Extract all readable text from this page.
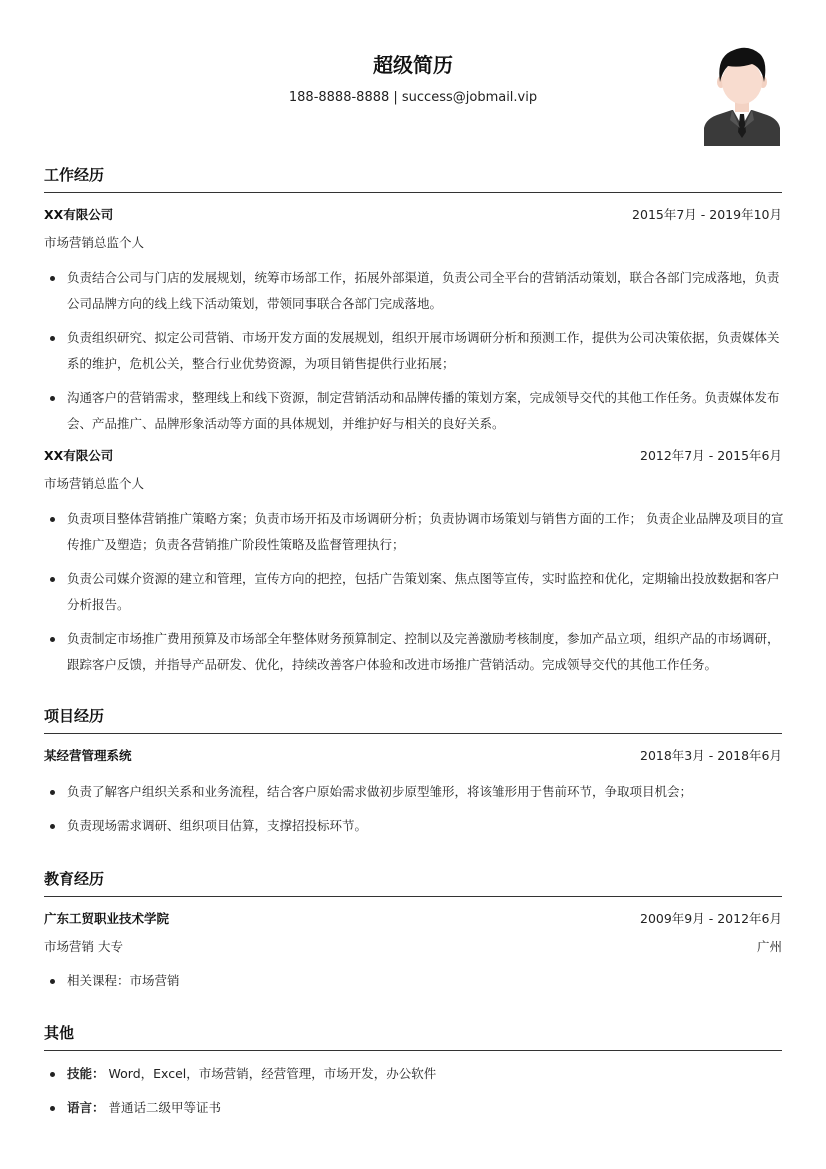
超级简历
188-8888-8888 | success@jobmail.vip
工作经历
XX有限公司	2015年7月 - 2019年10月
市场营销总监个人
负责结合公司与门店的发展规划，统筹市场部工作，拓展外部渠道，负责公司全平台的营销活动策划，联合各部门完成落地，负责公司品牌方向的线上线下活动策划，带领同事联合各部门完成落地。
负责组织研究、拟定公司营销、市场开发方面的发展规划，组织开展市场调研分析和预测工作，提供为公司决策依据，负责媒体关系的维护，危机公关，整合行业优势资源，为项目销售提供行业拓展；
沟通客户的营销需求，整理线上和线下资源，制定营销活动和品牌传播的策划方案，完成领导交代的其他工作任务。负责媒体发布会、产品推广、品牌形象活动等方面的具体规划，并维护好与相关的良好关系。
XX有限公司	2012年7月 - 2015年6月
市场营销总监个人
负责项目整体营销推广策略方案；负责市场开拓及市场调研分析；负责协调市场策划与销售方面的工作； 负责企业品牌及项目的宣传推广及塑造；负责各营销推广阶段性策略及监督管理执行；
负责公司媒介资源的建立和管理，宣传方向的把控，包括广告策划案、焦点图等宣传，实时监控和优化，定期输出投放数据和客户分析报告。
负责制定市场推广费用预算及市场部全年整体财务预算制定、控制以及完善激励考核制度，参加产品立项，组织产品的市场调研，跟踪客户反馈，并指导产品研发、优化，持续改善客户体验和改进市场推广营销活动。完成领导交代的其他工作任务。
项目经历
某经营管理系统	2018年3月 - 2018年6月
负责了解客户组织关系和业务流程，结合客户原始需求做初步原型雏形，将该雏形用于售前环节，争取项目机会；
负责现场需求调研、组织项目估算，支撑招投标环节。
教育经历
广东工贸职业技术学院	2009年9月 - 2012年6月
市场营销 大专	广州
相关课程：市场营销
其他
技能： Word，Excel，市场营销，经营管理，市场开发，办公软件
语言： 普通话二级甲等证书
